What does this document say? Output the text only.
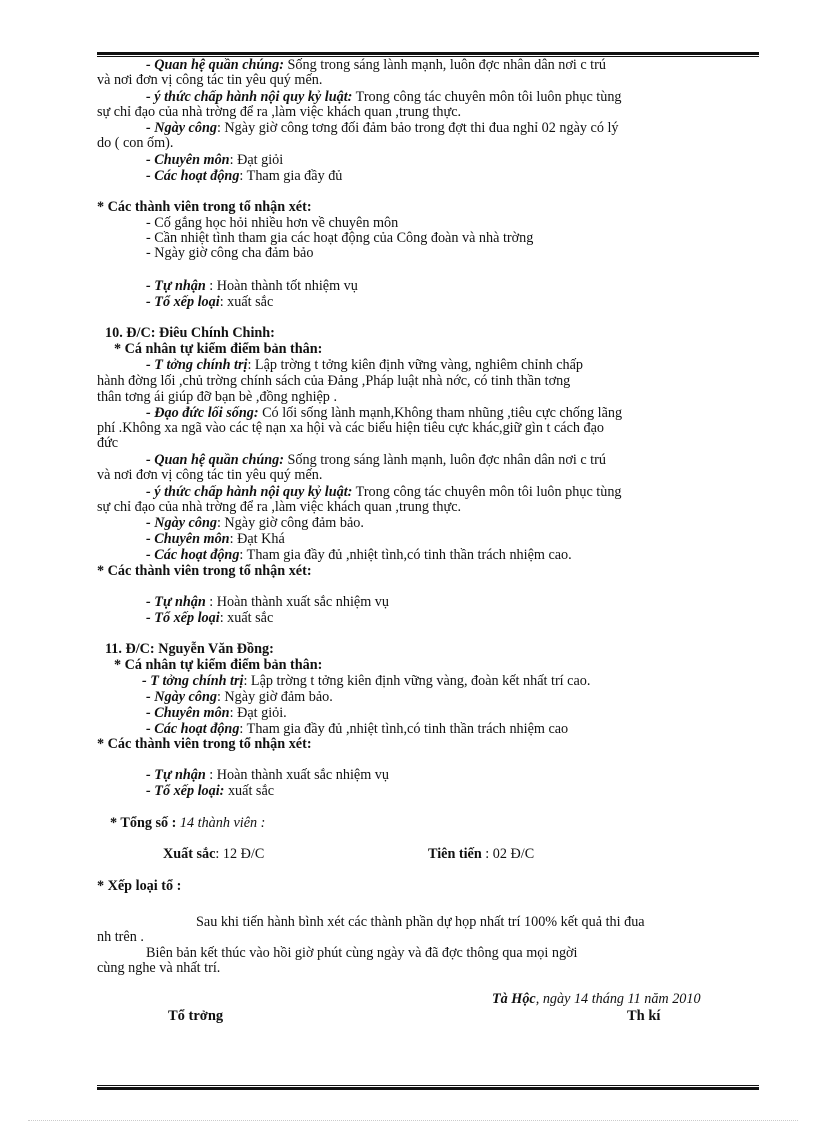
- Quan hệ quần chúng: Sống trong sáng lành mạnh, luôn đợc nhân dân nơi c trú
và nơi đơn vị công tác tin yêu quý mến.
- ý thức chấp hành nội quy kỷ luật: Trong công tác chuyên môn tôi luôn phục tùng
sự chỉ đạo của nhà trờng để ra ,làm việc khách quan ,trung thực.
- Ngày công: Ngày giờ công tơng đối đảm bảo trong đợt thi đua nghỉ 02 ngày có lý
do ( con ốm).
- Chuyên môn: Đạt giỏi
- Các hoạt động: Tham gia đầy đủ
* Các thành viên trong tổ nhận xét:
- Cố gắng học hỏi nhiều hơn về chuyên môn
- Cần nhiệt tình tham gia các hoạt động của Công đoàn và nhà trờng
- Ngày giờ công cha đảm bảo
- Tự nhận : Hoàn thành tốt nhiệm vụ
- Tổ xếp loại: xuất sắc
10. Đ/C: Điêu Chính Chinh:
* Cá nhân tự kiểm điểm bản thân:
- T tởng chính trị: Lập trờng t tởng kiên định vững vàng, nghiêm chỉnh chấp
hành đờng lối ,chủ trờng chính sách của Đảng ,Pháp luật nhà nớc, có tinh thần tơng
thân tơng ái giúp đỡ bạn bè ,đồng nghiệp .
- Đạo đức lối sống: Có lối sống lành mạnh,Không tham nhũng ,tiêu cực chống lãng
phí .Không xa ngã vào các tệ nạn xa hội và các biểu hiện tiêu cực khác,giữ gìn t cách đạo
đức
- Quan hệ quần chúng: Sống trong sáng lành mạnh, luôn đợc nhân dân nơi c trú
và nơi đơn vị công tác tin yêu quý mến.
- ý thức chấp hành nội quy kỷ luật: Trong công tác chuyên môn tôi luôn phục tùng
sự chỉ đạo của nhà trờng để ra ,làm việc khách quan ,trung thực.
- Ngày công: Ngày giờ công đảm bảo.
- Chuyên môn: Đạt Khá
- Các hoạt động: Tham gia đầy đủ ,nhiệt tình,có tinh thần trách nhiệm cao.
* Các thành viên trong tổ nhận xét:
- Tự nhận : Hoàn thành xuất sắc nhiệm vụ
- Tổ xếp loại: xuất sắc
11. Đ/C: Nguyễn Văn Đồng:
* Cá nhân tự kiểm điểm bản thân:
- T tởng chính trị: Lập trờng t tởng kiên định vững vàng, đoàn kết nhất trí cao.
- Ngày công: Ngày giờ đảm bảo.
- Chuyên môn: Đạt giỏi.
- Các hoạt động: Tham gia đầy đủ ,nhiệt tình,có tinh thần trách nhiệm cao
* Các thành viên trong tổ nhận xét:
- Tự nhận : Hoàn thành xuất sắc nhiệm vụ
- Tổ xếp loại: xuất sắc
* Tổng số : 14 thành viên :
Xuất sắc: 12 Đ/C	Tiên tiến : 02 Đ/C
* Xếp loại tổ :
Sau khi tiến hành bình xét các thành phần dự họp nhất trí 100% kết quả thi đua
nh trên .
Biên bản kết thúc vào hồi giờ phút cùng ngày và đã đợc thông qua mọi ngời
cùng nghe và nhất trí.
Tà Hộc, ngày 14 tháng 11 năm 2010
Tổ trởng	Th kí
